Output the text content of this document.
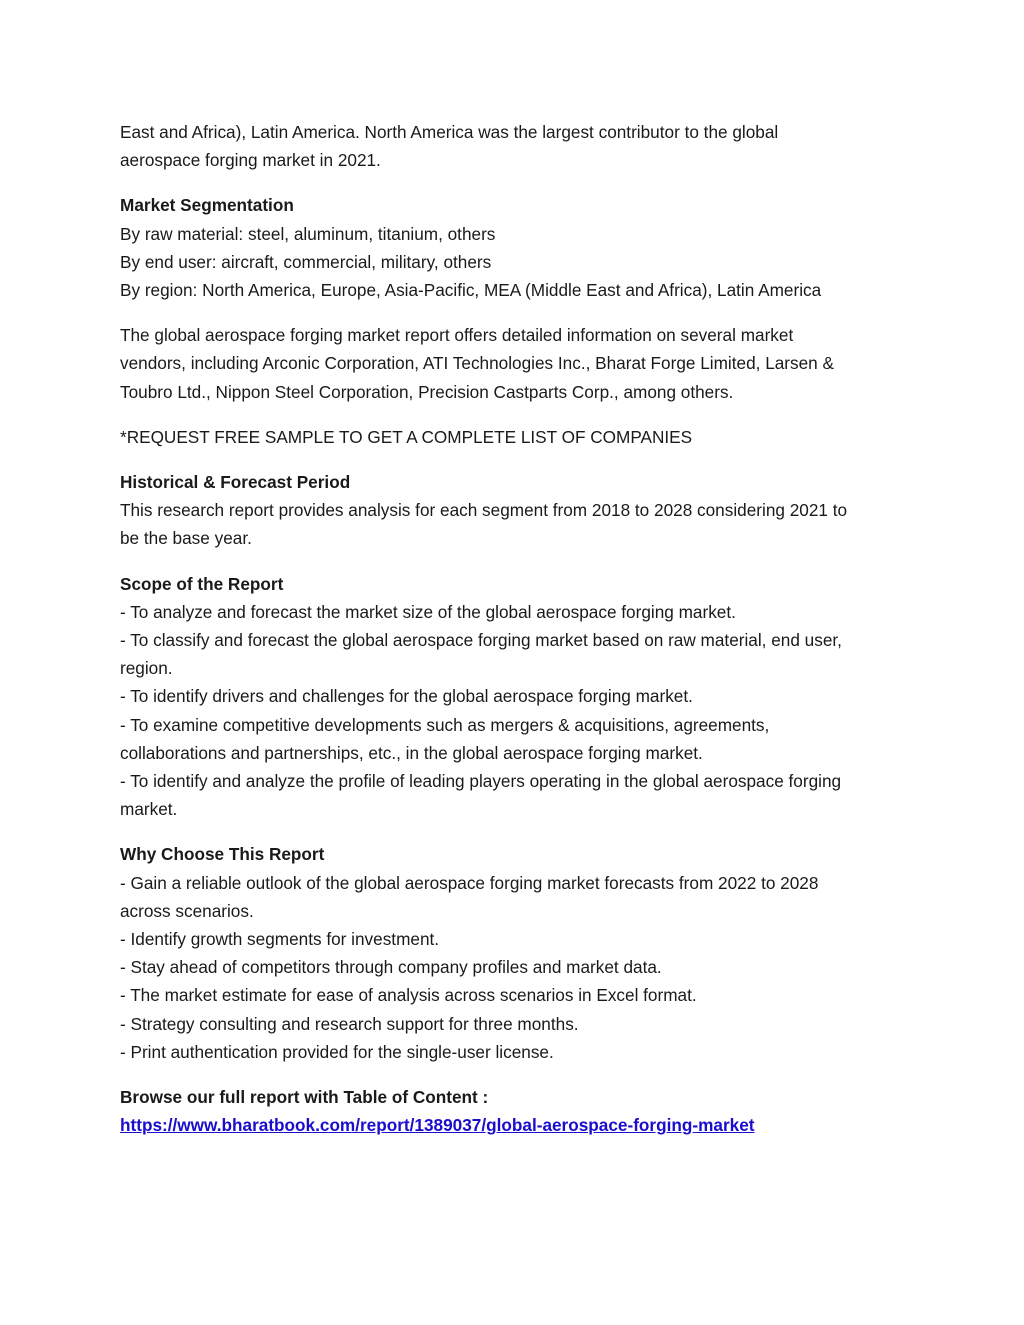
East and Africa), Latin America. North America was the largest contributor to the global
aerospace forging market in 2021.
Market Segmentation
By raw material: steel, aluminum, titanium, others
By end user: aircraft, commercial, military, others
By region: North America, Europe, Asia-Pacific, MEA (Middle East and Africa), Latin America
The global aerospace forging market report offers detailed information on several market
vendors, including Arconic Corporation, ATI Technologies Inc., Bharat Forge Limited, Larsen &
Toubro Ltd., Nippon Steel Corporation, Precision Castparts Corp., among others.
*REQUEST FREE SAMPLE TO GET A COMPLETE LIST OF COMPANIES
Historical & Forecast Period
This research report provides analysis for each segment from 2018 to 2028 considering 2021 to
be the base year.
Scope of the Report
- To analyze and forecast the market size of the global aerospace forging market.
- To classify and forecast the global aerospace forging market based on raw material, end user,
region.
- To identify drivers and challenges for the global aerospace forging market.
- To examine competitive developments such as mergers & acquisitions, agreements,
collaborations and partnerships, etc., in the global aerospace forging market.
- To identify and analyze the profile of leading players operating in the global aerospace forging
market.
Why Choose This Report
- Gain a reliable outlook of the global aerospace forging market forecasts from 2022 to 2028
across scenarios.
- Identify growth segments for investment.
- Stay ahead of competitors through company profiles and market data.
- The market estimate for ease of analysis across scenarios in Excel format.
- Strategy consulting and research support for three months.
- Print authentication provided for the single-user license.
Browse our full report with Table of Content :
https://www.bharatbook.com/report/1389037/global-aerospace-forging-market
